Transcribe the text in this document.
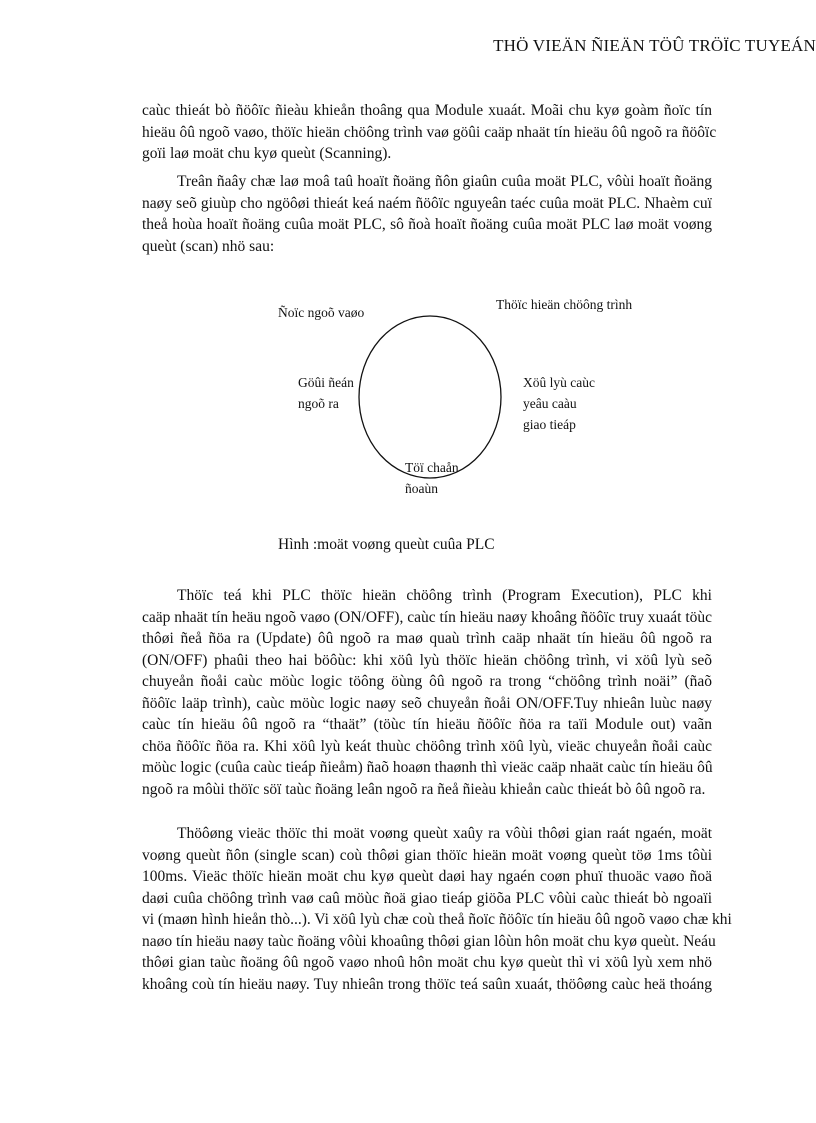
THÖ VIEÄN ÑIEÄN TÖÛ TRÖÏC TUYEÁN
caùc thieát bò ñöôïc ñieàu khieån thoâng qua Module xuaát. Moãi chu kyø goàm ñoïc tín
hieäu ôû ngoõ vaøo, thöïc hieän chöông trình vaø göûi caäp nhaät tín hieäu ôû ngoõ ra ñöôïc
goïi laø moät chu kyø queùt (Scanning).
Treân ñaây chæ laø moâ taû hoaït ñoäng ñôn giaûn cuûa moät PLC, vôùi hoaït ñoäng
naøy seõ giuùp cho ngöôøi thieát keá naém ñöôïc nguyeân taéc cuûa moät PLC. Nhaèm cuï
theå hoùa hoaït ñoäng cuûa moät PLC, sô ñoà hoaït ñoäng cuûa moät PLC laø moät voøng
queùt (scan) nhö sau:
Ñoïc ngoõ vaøo
Thöïc hieän chöông trình
Göûi ñeán
ngoõ ra
Xöû lyù caùc
yeâu caàu
giao tieáp
Töï chaån
ñoaùn
Hình :moät voøng queùt cuûa PLC
Thöïc teá khi PLC thöïc hieän chöông trình (Program Execution), PLC khi
caäp nhaät tín heäu ngoõ vaøo (ON/OFF), caùc tín hieäu naøy khoâng ñöôïc truy xuaát töùc
thôøi ñeå ñöa ra (Update) ôû ngoõ ra maø quaù trình caäp nhaät tín hieäu ôû ngoõ ra
(ON/OFF) phaûi theo hai böôùc: khi xöû lyù thöïc hieän chöông trình, vi xöû lyù seõ
chuyeån ñoåi caùc möùc logic töông öùng ôû ngoõ ra trong “chöông trình noäi” (ñaõ
ñöôïc laäp trình), caùc möùc logic naøy seõ chuyeån ñoåi ON/OFF.Tuy nhieân luùc naøy
caùc tín hieäu ôû ngoõ ra “thaät” (töùc tín hieäu ñöôïc ñöa ra taïi Module out) vaãn
chöa ñöôïc ñöa ra. Khi xöû lyù keát thuùc chöông trình xöû lyù, vieäc chuyeån ñoåi caùc
möùc logic (cuûa caùc tieáp ñieåm) ñaõ hoaøn thaønh thì vieäc caäp nhaät caùc tín hieäu ôû
ngoõ ra môùi thöïc söï taùc ñoäng leân ngoõ ra ñeå ñieàu khieån caùc thieát bò ôû ngoõ ra.
Thöôøng vieäc thöïc thi moät voøng queùt xaûy ra vôùi thôøi gian raát ngaén, moät
voøng queùt ñôn (single scan) coù thôøi gian thöïc hieän moät voøng queùt töø 1ms tôùi
100ms. Vieäc thöïc hieän moät chu kyø queùt daøi hay ngaén coøn phuï thuoäc vaøo ñoä
daøi cuûa chöông trình vaø caû möùc ñoä giao tieáp giöõa PLC vôùi caùc thieát bò ngoaïi
vi (maøn hình hieån thò...). Vi xöû lyù chæ coù theå ñoïc ñöôïc tín hieäu ôû ngoõ vaøo chæ khi
naøo tín hieäu naøy taùc ñoäng vôùi khoaûng thôøi gian lôùn hôn moät chu kyø queùt. Neáu
thôøi gian taùc ñoäng ôû ngoõ vaøo nhoû hôn moät chu kyø queùt thì vi xöû lyù xem nhö
khoâng coù tín hieäu naøy. Tuy nhieân trong thöïc teá saûn xuaát, thöôøng caùc heä thoáng
